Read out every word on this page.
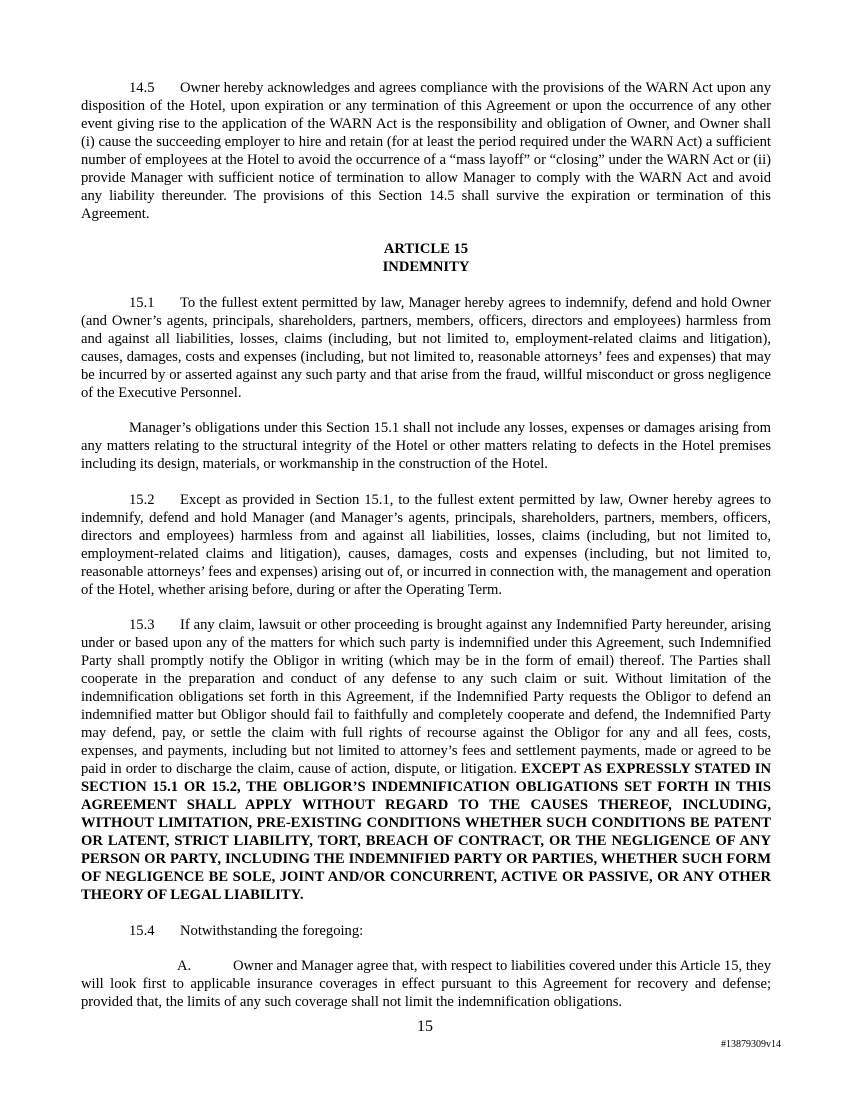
14.5 Owner hereby acknowledges and agrees compliance with the provisions of the WARN Act upon any disposition of the Hotel, upon expiration or any termination of this Agreement or upon the occurrence of any other event giving rise to the application of the WARN Act is the responsibility and obligation of Owner, and Owner shall (i) cause the succeeding employer to hire and retain (for at least the period required under the WARN Act) a sufficient number of employees at the Hotel to avoid the occurrence of a “mass layoff” or “closing” under the WARN Act or (ii) provide Manager with sufficient notice of termination to allow Manager to comply with the WARN Act and avoid any liability thereunder. The provisions of this Section 14.5 shall survive the expiration or termination of this Agreement.

ARTICLE 15
INDEMNITY

15.1 To the fullest extent permitted by law, Manager hereby agrees to indemnify, defend and hold Owner (and Owner’s agents, principals, shareholders, partners, members, officers, directors and employees) harmless from and against all liabilities, losses, claims (including, but not limited to, employment-related claims and litigation), causes, damages, costs and expenses (including, but not limited to, reasonable attorneys’ fees and expenses) that may be incurred by or asserted against any such party and that arise from the fraud, willful misconduct or gross negligence of the Executive Personnel.

Manager’s obligations under this Section 15.1 shall not include any losses, expenses or damages arising from any matters relating to the structural integrity of the Hotel or other matters relating to defects in the Hotel premises including its design, materials, or workmanship in the construction of the Hotel.

15.2 Except as provided in Section 15.1, to the fullest extent permitted by law, Owner hereby agrees to indemnify, defend and hold Manager (and Manager’s agents, principals, shareholders, partners, members, officers, directors and employees) harmless from and against all liabilities, losses, claims (including, but not limited to, employment-related claims and litigation), causes, damages, costs and expenses (including, but not limited to, reasonable attorneys’ fees and expenses) arising out of, or incurred in connection with, the management and operation of the Hotel, whether arising before, during or after the Operating Term.

15.3 If any claim, lawsuit or other proceeding is brought against any Indemnified Party hereunder, arising under or based upon any of the matters for which such party is indemnified under this Agreement, such Indemnified Party shall promptly notify the Obligor in writing (which may be in the form of email) thereof. The Parties shall cooperate in the preparation and conduct of any defense to any such claim or suit. Without limitation of the indemnification obligations set forth in this Agreement, if the Indemnified Party requests the Obligor to defend an indemnified matter but Obligor should fail to faithfully and completely cooperate and defend, the Indemnified Party may defend, pay, or settle the claim with full rights of recourse against the Obligor for any and all fees, costs, expenses, and payments, including but not limited to attorney’s fees and settlement payments, made or agreed to be paid in order to discharge the claim, cause of action, dispute, or litigation. EXCEPT AS EXPRESSLY STATED IN SECTION 15.1 OR 15.2, THE OBLIGOR’S INDEMNIFICATION OBLIGATIONS SET FORTH IN THIS AGREEMENT SHALL APPLY WITHOUT REGARD TO THE CAUSES THEREOF, INCLUDING, WITHOUT LIMITATION, PRE-EXISTING CONDITIONS WHETHER SUCH CONDITIONS BE PATENT OR LATENT, STRICT LIABILITY, TORT, BREACH OF CONTRACT, OR THE NEGLIGENCE OF ANY PERSON OR PARTY, INCLUDING THE INDEMNIFIED PARTY OR PARTIES, WHETHER SUCH FORM OF NEGLIGENCE BE SOLE, JOINT AND/OR CONCURRENT, ACTIVE OR PASSIVE, OR ANY OTHER THEORY OF LEGAL LIABILITY.

15.4 Notwithstanding the foregoing:

A.	Owner and Manager agree that, with respect to liabilities covered under this Article 15, they will look first to applicable insurance coverages in effect pursuant to this Agreement for recovery and defense; provided that, the limits of any such coverage shall not limit the indemnification obligations.

15
#13879309v14
